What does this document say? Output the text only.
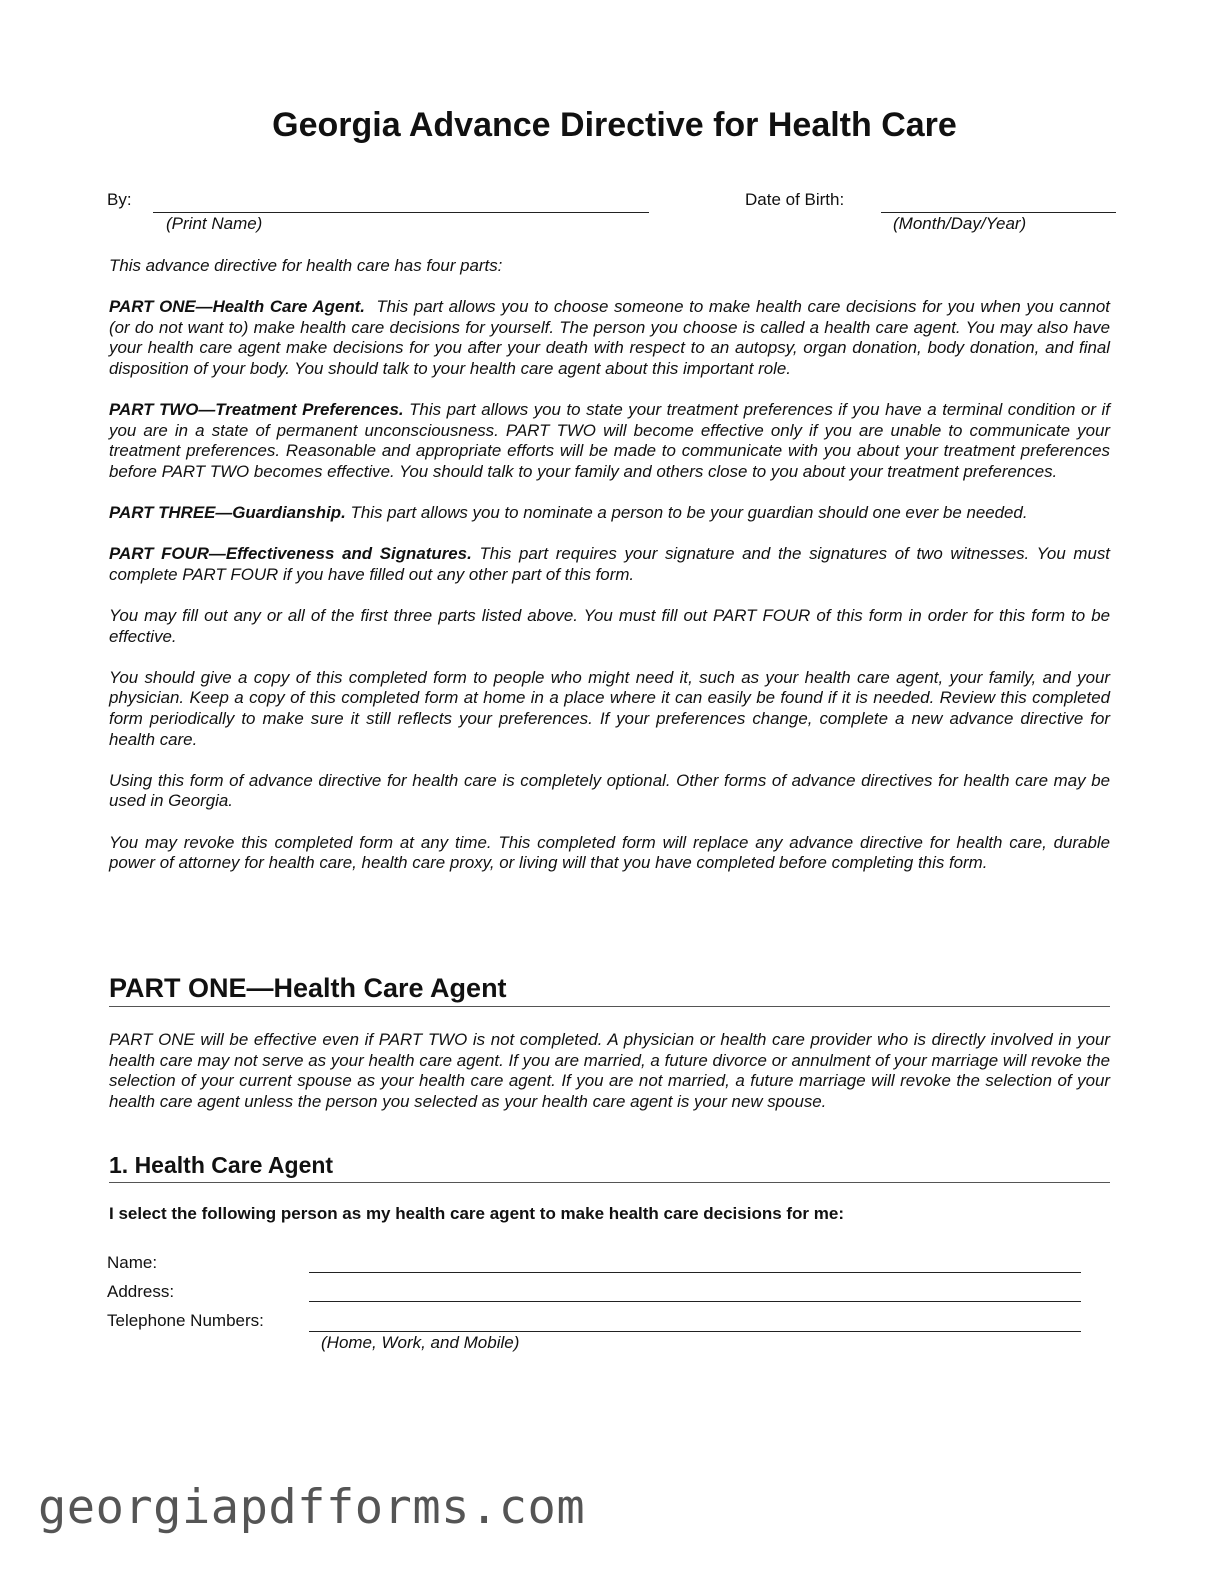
Georgia Advance Directive for Health Care
By:
(Print Name)
Date of Birth:
(Month/Day/Year)

This advance directive for health care has four parts:

PART ONE—Health Care Agent. This part allows you to choose someone to make health care decisions for you when you cannot (or do not want to) make health care decisions for yourself. The person you choose is called a health care agent. You may also have your health care agent make decisions for you after your death with respect to an autopsy, organ donation, body donation, and final disposition of your body. You should talk to your health care agent about this important role.

PART TWO—Treatment Preferences. This part allows you to state your treatment preferences if you have a terminal condition or if you are in a state of permanent unconsciousness. PART TWO will become effective only if you are unable to communicate your treatment preferences. Reasonable and appropriate efforts will be made to communicate with you about your treatment preferences before PART TWO becomes effective. You should talk to your family and others close to you about your treatment preferences.

PART THREE—Guardianship. This part allows you to nominate a person to be your guardian should one ever be needed.

PART FOUR—Effectiveness and Signatures. This part requires your signature and the signatures of two witnesses. You must complete PART FOUR if you have filled out any other part of this form.

You may fill out any or all of the first three parts listed above. You must fill out PART FOUR of this form in order for this form to be effective.

You should give a copy of this completed form to people who might need it, such as your health care agent, your family, and your physician. Keep a copy of this completed form at home in a place where it can easily be found if it is needed. Review this completed form periodically to make sure it still reflects your preferences. If your preferences change, complete a new advance directive for health care.

Using this form of advance directive for health care is completely optional. Other forms of advance directives for health care may be used in Georgia.

You may revoke this completed form at any time. This completed form will replace any advance directive for health care, durable power of attorney for health care, health care proxy, or living will that you have completed before completing this form.

PART ONE—Health Care Agent

PART ONE will be effective even if PART TWO is not completed. A physician or health care provider who is directly involved in your health care may not serve as your health care agent. If you are married, a future divorce or annulment of your marriage will revoke the selection of your current spouse as your health care agent. If you are not married, a future marriage will revoke the selection of your health care agent unless the person you selected as your health care agent is your new spouse.

1. Health Care Agent

I select the following person as my health care agent to make health care decisions for me:

Name:
Address:
Telephone Numbers:
(Home, Work, and Mobile)
georgiapdfforms.com
